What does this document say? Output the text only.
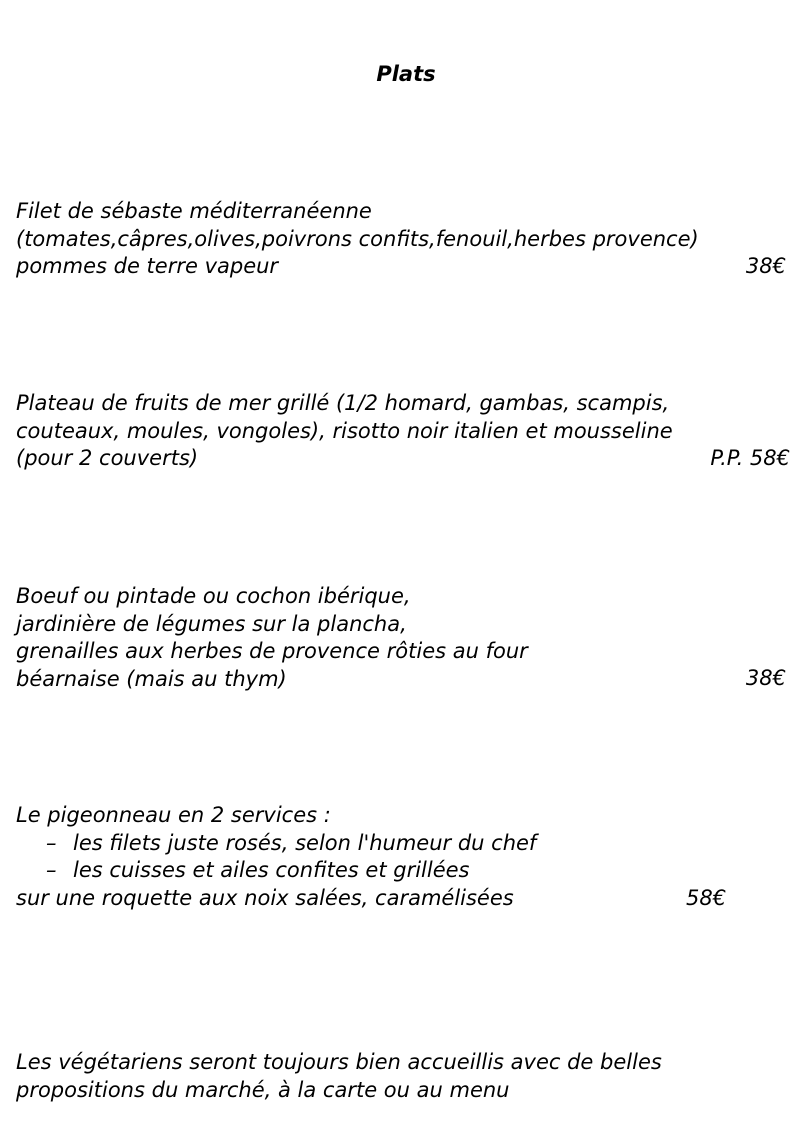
Plats
Filet de sébaste méditerranéenne
(tomates,câpres,olives,poivrons confits,fenouil,herbes provence)
pommes de terre vapeur	38€
Plateau de fruits de mer grillé (1/2 homard, gambas, scampis,
couteaux, moules, vongoles), risotto noir italien et mousseline
(pour 2 couverts)	P.P. 58€
Boeuf ou pintade ou cochon ibérique,
jardinière de légumes sur la plancha,
grenailles aux herbes de provence rôties au four
béarnaise (mais au thym)	38€
Le pigeonneau en 2 services :
– les filets juste rosés, selon l'humeur du chef
– les cuisses et ailes confites et grillées
sur une roquette aux noix salées, caramélisées	58€
Les végétariens seront toujours bien accueillis avec de belles
propositions du marché, à la carte ou au menu
